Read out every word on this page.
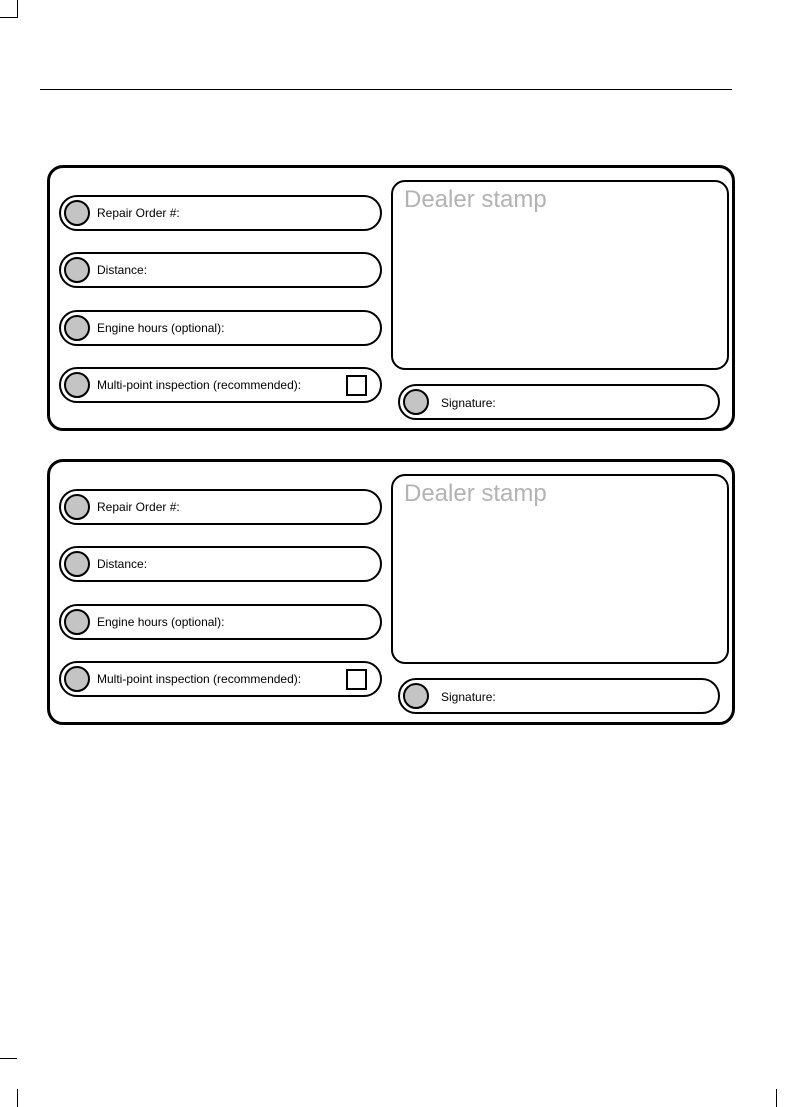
Repair Order #:
Distance:
Engine hours (optional):
Multi-point inspection (recommended):
Dealer stamp
Signature:
Repair Order #:
Distance:
Engine hours (optional):
Multi-point inspection (recommended):
Dealer stamp
Signature:
